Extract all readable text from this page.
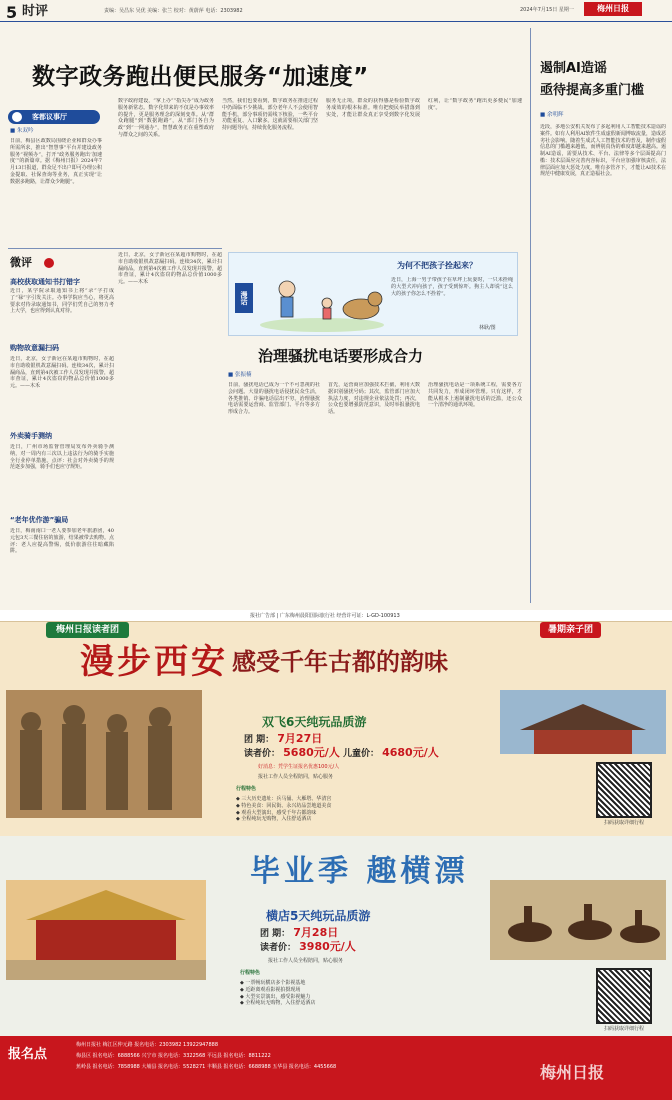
5 时评	责编：吴昌东 吴优 美编：张兰 校对：黄蔚萍 电话：2303982	2024年7月15日 星期一	梅州日报
数字政务跑出便民服务“加速度”
客都议事厅
■ 朱双吟
日前，梅县区政数局围绕企业和群众办事所需所求，推出“智慧事”平台并建设政务服务“视频办”，打开“政务服务跑出‘加速度’”的新篇章。据《梅州日报》2024年7月13日报道，群众足不出户即可办理公积金提取、社保查询等业务，真正实现“让数据多跑路，让群众少跑腿”。
数字政府建设，“掌上办”“指尖办”成为政务服务新常态。数字化带来的不仅是办事效率的提升，更是服务理念的深刻变革。从“群众跑腿”到“数据跑路”，从“部门各自为政”到“一网通办”，智慧政务正在重塑政府与群众之间的关系。
当然，我们也要看到，数字政务在推进过程中仍面临不少挑战。部分老年人不会使用智能手机，部分事项仍需线下核验，一些平台功能重复、入口繁多。这就需要相关部门坚持问题导向，持续优化服务流程。
服务无止境，群众的获得感是检验数字政务成效的根本标准。唯有把便民举措落到实处，才能让群众真正享受到数字化发展红利，让“数字政务”跑出更多便民“加速度”。
遏制AI造谣
亟待提高多重门槛
■ 余明辉
近段，多地公安机关发布了多起利用人工智能技术造谣的案件。如有人利用AI软件生成虚假新闻博取流量，造成恶劣社会影响。随着生成式人工智能技术的普及，制作虚假信息的门槛越来越低，而辨别真伪的难度却越来越高。遏制AI造谣，需要从技术、平台、法律等多个层面提高门槛：技术层面应完善内容标识，平台应加强审核责任，法律层面应加大惩处力度。唯有多管齐下，才能让AI技术在规范中健康发展，真正造福社会。
微评
高校获取通知书打错字
近日，某学院录取通知书上将“录”字打成了“禄”字引发关注。办事学院应当心，将更高要求对待录取通知书，同学们凭自己的努力考上大学，也应得到认真对待。
购物故意漏扫码
近日，北京，女子新冠在某超市购物时，在超市自助收银机故意漏扫码。连续34次，累计扫漏商品，直到第4次被工作人员发现并报警，超市查证，累计4次盗窃的物品总价值1000多元。——木禾
外卖骑手测纳
近日，广州市场监督管理局发布外卖骑手测纳，对一周内有三次以上违法行为的骑手实施全行业停单措施。点评：社会对外卖骑手的规范逐步加强，骑手们也应守规矩。
“老年优作游”骗局
近日，梅南南口一老人要参加老年旅游团，40元包3天三餐住宿的旅游，结果被带去购物。点评：老人应提高警惕，低价旅游往往暗藏陷阱。
近日，北京，女子新冠在某超市购物时，在超市自助收银机故意漏扫码。连续34次，累计扫漏商品，直到第4次被工作人员发现并报警，超市查证，累计4次盗窃的物品总价值1000多元。——木禾
漫话
为何不把孩子拴起来？
近日，上海一男子带孩子在草坪上玩耍时，一只未拴绳的大型犬冲向孩子，孩子受到惊吓。狗主人却说“这么大的孩子你怎么不拴着”。
林耿/图
治理骚扰电话要形成合力
■ 张振楠
日前，骚扰电话已成为一个不可忽视的社会问题。大量的骚扰电话侵扰民众生活，各类推销、诈骗电话层出不穷。治理骚扰电话需要运营商、监管部门、平台等多方形成合力。
首先，运营商应加强技术拦截，利用大数据识别骚扰号码；其次，监管部门应加大执法力度，对违规企业依法处罚；再次，公众也要增强防范意识，及时举报骚扰电话。
治理骚扰电话是一项系统工程，需要各方共同发力，形成闭环管理。只有这样，才能从根本上遏制骚扰电话的泛滥，还公众一个清净的通讯环境。
报社广告部 | 广东梅州晨阳国际旅行社 经营许可证：L-GD-100913
梅州日报读者团	暑期亲子团
漫步西安 感受千年古都的韵味
双飞6天纯玩品质游
团 期： 7月27日
读者价： 5680元/人 儿童价： 4680元/人
好消息：凭学生证报名优惠100元/人
报社工作人员全程陪同，贴心服务
行程特色
◆ 三大历史遗址：兵马俑、大雁塔、华清宫
◆ 特色美食：回民街、永兴坊品尝地道美食
◆ 观看大型演出，感受千年古都韵味
◆ 全程纯玩无购物，入住舒适酒店
扫码获取详细行程
毕业季 趣横漂
横店5天纯玩品质游
团 期： 7月28日
读者价： 3980元/人
报社工作人员全程陪同，贴心服务
行程特色
◆ 一票畅玩横店多个影视基地
◆ 近距离观看影视拍摄现场
◆ 大型实景演出，感受影视魅力
◆ 全程纯玩无购物，入住舒适酒店
扫码获取详细行程
报名点
梅州日报社 梅江区仲元路 报名电话：2303982 13922947888
梅县区 报名电话：6888566 兴宁市 报名电话：3322568 平远县 报名电话：8811222
蕉岭县 报名电话：7858988 大埔县 报名电话：5528271 丰顺县 报名电话：6688988 五华县 报名电话：4455668	梅州日报
